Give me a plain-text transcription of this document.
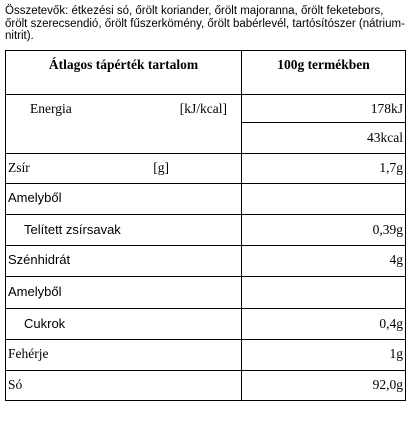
Összetevők: étkezési só, őrölt koriander, őrölt majoranna, őrölt feketebors, őrölt szerecsendió, őrölt fűszerkömény, őrölt babérlevél, tartósítószer (nátrium-nitrit).
Átlagos tápérték tartalom	100g termékben

Energia [kJ/kcal]	178kJ
	43kcal

Zsír [g]	1,7g
Amelyből	
Telített zsírsavak	0,39g
Szénhidrát	4g
Amelyből	
Cukrok	0,4g
Fehérje	1g
Só	92,0g
